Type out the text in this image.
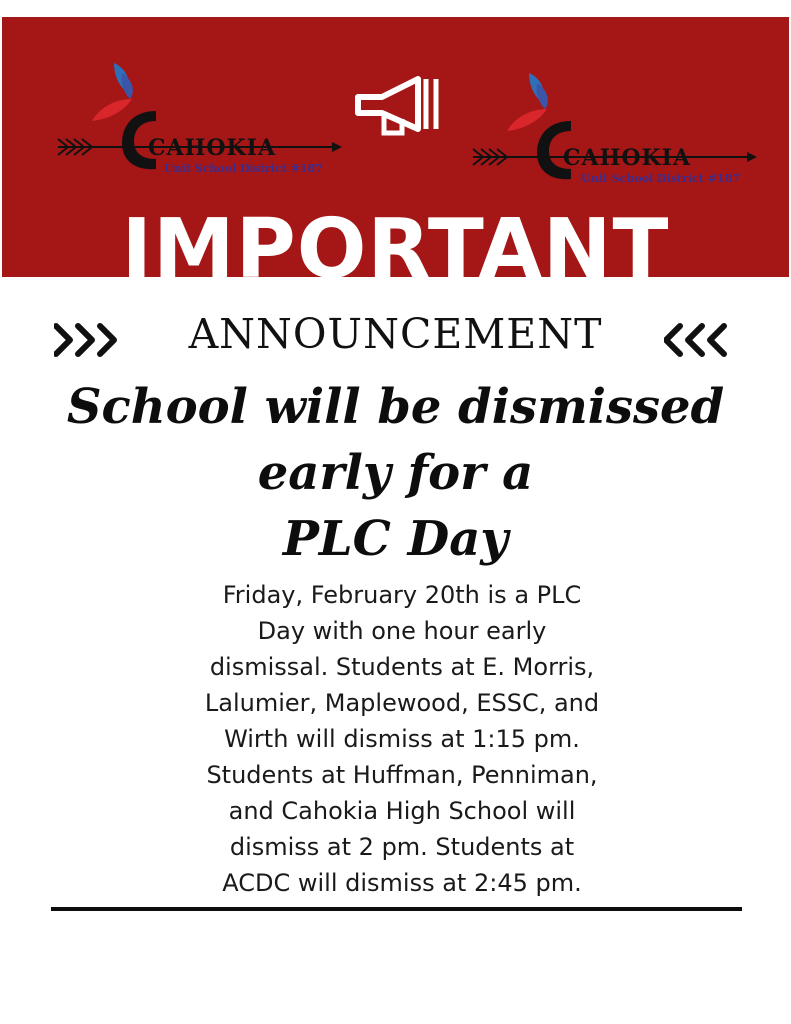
CAHOKIA
Unit School District #187	CAHOKIA
Unit School District #187
IMPORTANT
ANNOUNCEMENT
School will be dismissed
early for a
PLC Day
Friday, February 20th is a PLC
Day with one hour early
dismissal. Students at E. Morris,
Lalumier, Maplewood, ESSC, and
Wirth will dismiss at 1:15 pm.
Students at Huffman, Penniman,
and Cahokia High School will
dismiss at 2 pm. Students at
ACDC will dismiss at 2:45 pm.
